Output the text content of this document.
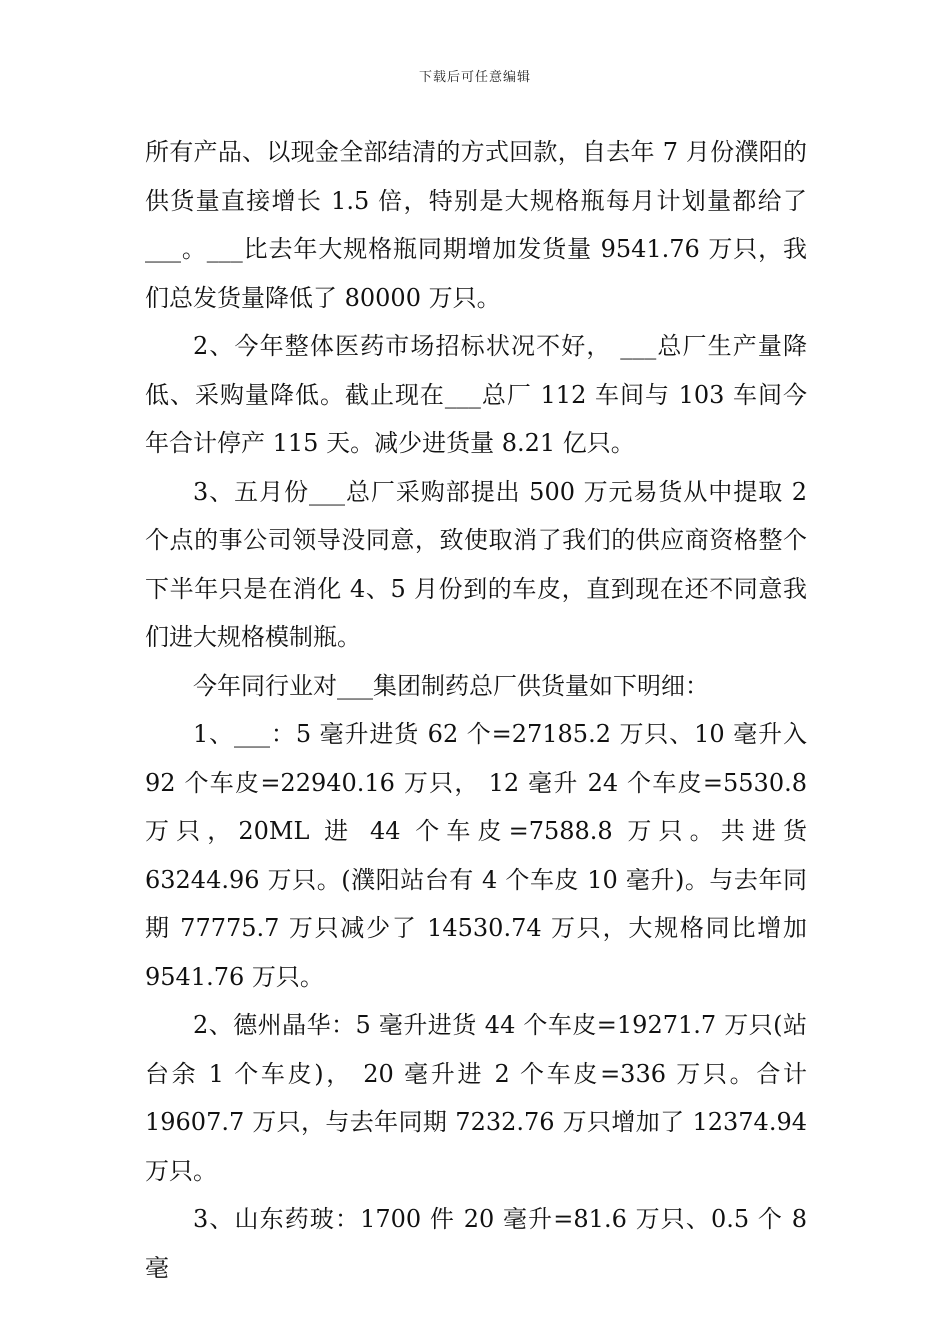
下载后可任意编辑

所有产品、以现金全部结清的方式回款，自去年 7 月份濮阳的供货量直接增长 1.5 倍，特别是大规格瓶每月计划量都给了___。___比去年大规格瓶同期增加发货量 9541.76 万只，我们总发货量降低了 80000 万只。

2、今年整体医药市场招标状况不好， ___总厂生产量降低、采购量降低。截止现在___总厂 112 车间与 103 车间今年合计停产 115 天。减少进货量 8.21 亿只。

3、五月份___总厂采购部提出 500 万元易货从中提取 2 个点的事公司领导没同意，致使取消了我们的供应商资格整个下半年只是在消化 4、5 月份到的车皮，直到现在还不同意我们进大规格模制瓶。

今年同行业对___集团制药总厂供货量如下明细：

1、___：5 毫升进货 62 个=27185.2 万只、10 毫升入 92 个车皮=22940.16 万只， 12 毫升 24 个车皮=5530.8 万只，20ML 进 44 个车皮=7588.8 万只。共进货 63244.96 万只。(濮阳站台有 4 个车皮 10 毫升)。与去年同期 77775.7 万只减少了 14530.74 万只，大规格同比增加 9541.76 万只。

2、德州晶华：5 毫升进货 44 个车皮=19271.7 万只(站台余 1 个车皮)， 20 毫升进 2 个车皮=336 万只。合计 19607.7 万只，与去年同期 7232.76 万只增加了 12374.94 万只。

3、山东药玻：1700 件 20 毫升=81.6 万只、0.5 个 8 毫
